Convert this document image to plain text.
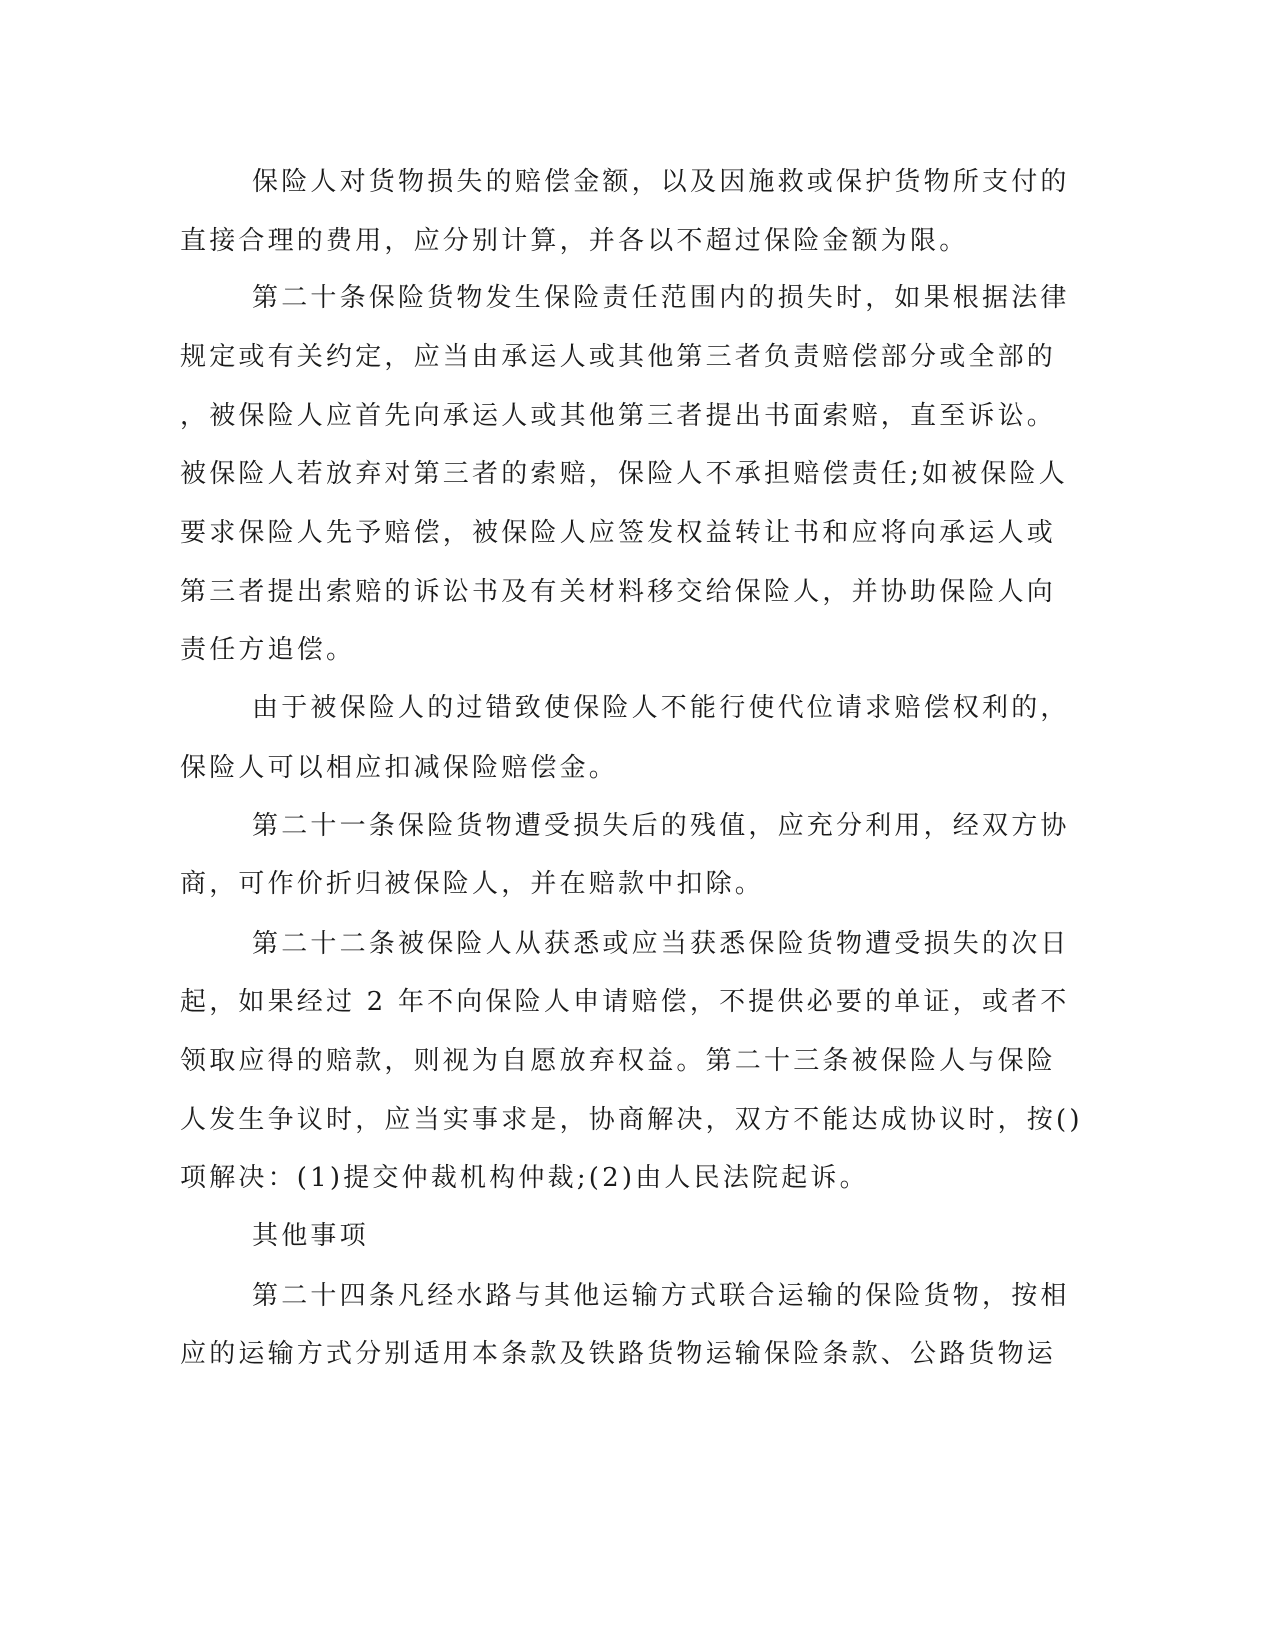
保险人对货物损失的赔偿金额，以及因施救或保护货物所支付的
直接合理的费用，应分别计算，并各以不超过保险金额为限。
第二十条保险货物发生保险责任范围内的损失时，如果根据法律
规定或有关约定，应当由承运人或其他第三者负责赔偿部分或全部的
，被保险人应首先向承运人或其他第三者提出书面索赔，直至诉讼。
被保险人若放弃对第三者的索赔，保险人不承担赔偿责任;如被保险人
要求保险人先予赔偿，被保险人应签发权益转让书和应将向承运人或
第三者提出索赔的诉讼书及有关材料移交给保险人，并协助保险人向
责任方追偿。
由于被保险人的过错致使保险人不能行使代位请求赔偿权利的，
保险人可以相应扣减保险赔偿金。
第二十一条保险货物遭受损失后的残值，应充分利用，经双方协
商，可作价折归被保险人，并在赔款中扣除。
第二十二条被保险人从获悉或应当获悉保险货物遭受损失的次日
起，如果经过 2 年不向保险人申请赔偿，不提供必要的单证，或者不
领取应得的赔款，则视为自愿放弃权益。第二十三条被保险人与保险
人发生争议时，应当实事求是，协商解决，双方不能达成协议时，按()
项解决：(1)提交仲裁机构仲裁;(2)由人民法院起诉。
其他事项
第二十四条凡经水路与其他运输方式联合运输的保险货物，按相
应的运输方式分别适用本条款及铁路货物运输保险条款、公路货物运
